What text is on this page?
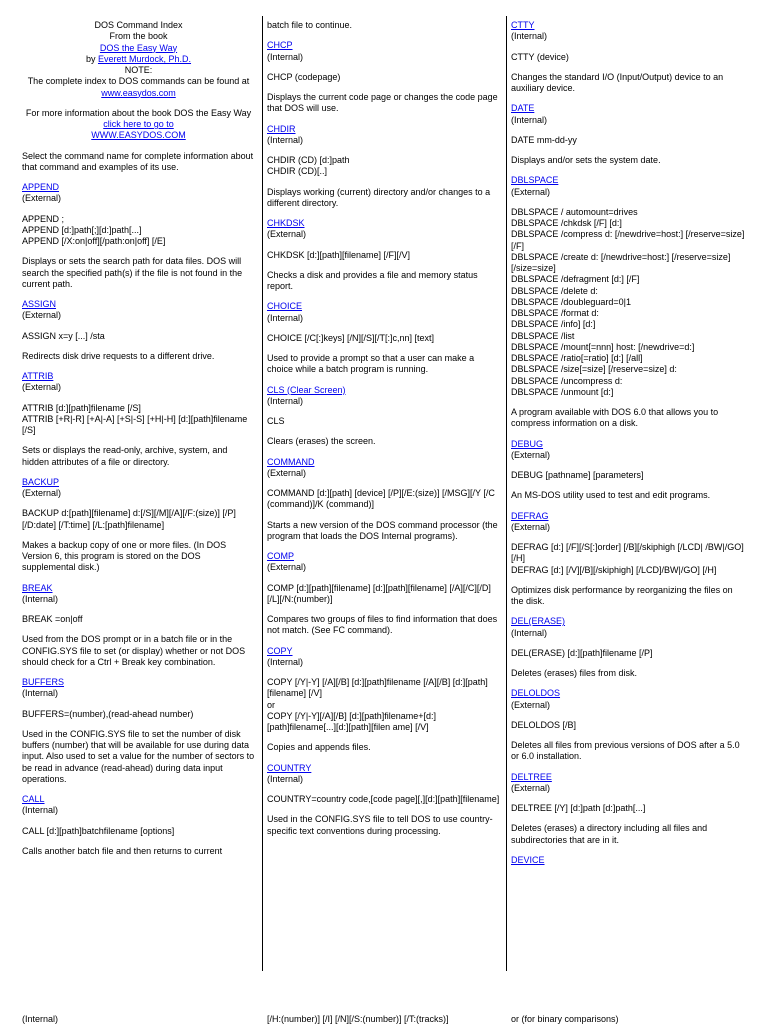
DOS Command Index
From the book
DOS the Easy Way
by Everett Murdock, Ph.D.
NOTE:
The complete index to DOS commands can be found at
www.easydos.com
For more information about the book DOS the Easy Way
click here to go to
WWW.EASYDOS.COM
Select the command name for complete information about that command and examples of its use.
APPEND
(External)
APPEND ;
APPEND [d:]path[;][d:]path[...]
APPEND [/X:on|off][/path:on|off] [/E]
Displays or sets the search path for data files. DOS will search the specified path(s) if the file is not found in the current path.
ASSIGN
(External)
ASSIGN x=y [...] /sta
Redirects disk drive requests to a different drive.
ATTRIB
(External)
ATTRIB [d:][path]filename [/S]
ATTRIB [+R|-R] [+A|-A] [+S|-S] [+H|-H] [d:][path]filename [/S]
Sets or displays the read-only, archive, system, and hidden attributes of a file or directory.
BACKUP
(External)
BACKUP d:[path][filename] d:[/S][/M][/A][/F:(size)] [/P][/D:date] [/T:time] [/L:[path]filename]
Makes a backup copy of one or more files. (In DOS Version 6, this program is stored on the DOS supplemental disk.)
BREAK
(Internal)
BREAK =on|off
Used from the DOS prompt or in a batch file or in the CONFIG.SYS file to set (or display) whether or not DOS should check for a Ctrl + Break key combination.
BUFFERS
(Internal)
BUFFERS=(number),(read-ahead number)
Used in the CONFIG.SYS file to set the number of disk buffers (number) that will be available for use during data input. Also used to set a value for the number of sectors to be read in advance (read-ahead) during data input operations.
CALL
(Internal)
CALL [d:][path]batchfilename [options]
Calls another batch file and then returns to current
batch file to continue.
CHCP
(Internal)
CHCP (codepage)
Displays the current code page or changes the code page that DOS will use.
CHDIR
(Internal)
CHDIR (CD) [d:]path
CHDIR (CD)[..]
Displays working (current) directory and/or changes to a different directory.
CHKDSK
(External)
CHKDSK [d:][path][filename] [/F][/V]
Checks a disk and provides a file and memory status report.
CHOICE
(Internal)
CHOICE [/C[:]keys] [/N][/S][/T[:]c,nn] [text]
Used to provide a prompt so that a user can make a choice while a batch program is running.
CLS (Clear Screen)
(Internal)
CLS
Clears (erases) the screen.
COMMAND
(External)
COMMAND [d:][path] [device] [/P][/E:(size)] [/MSG][/Y [/C (command)]/K (command)]
Starts a new version of the DOS command processor (the program that loads the DOS Internal programs).
COMP
(External)
COMP [d:][path][filename] [d:][path][filename] [/A][/C][/D][/L][/N:(number)]
Compares two groups of files to find information that does not match. (See FC command).
COPY
(Internal)
COPY [/Y|-Y] [/A][/B] [d:][path]filename [/A][/B] [d:][path][filename] [/V]
or
COPY [/Y|-Y][/A][/B] [d:][path]filename+[d:][path]filename[...][d:][path][filen ame] [/V]
Copies and appends files.
COUNTRY
(Internal)
COUNTRY=country code,[code page][,][d:][path][filename]
Used in the CONFIG.SYS file to tell DOS to use country-specific text conventions during processing.
CTTY
(Internal)
CTTY (device)
Changes the standard I/O (Input/Output) device to an auxiliary device.
DATE
(Internal)
DATE mm-dd-yy
Displays and/or sets the system date.
DBLSPACE
(External)
DBLSPACE / automount=drives
DBLSPACE /chkdsk [/F] [d:]
DBLSPACE /compress d: [/newdrive=host:] [/reserve=size] [/F]
DBLSPACE /create d: [/newdrive=host:] [/reserve=size] [/size=size]
DBLSPACE /defragment [d:] [/F]
DBLSPACE /delete d:
DBLSPACE /doubleguard=0|1
DBLSPACE /format d:
DBLSPACE /info] [d:]
DBLSPACE /list
DBLSPACE /mount[=nnn] host: [/newdrive=d:]
DBLSPACE /ratio[=ratio] [d:] [/all]
DBLSPACE /size[=size] [/reserve=size] d:
DBLSPACE /uncompress d:
DBLSPACE /unmount [d:]
A program available with DOS 6.0 that allows you to compress information on a disk.
DEBUG
(External)
DEBUG [pathname] [parameters]
An MS-DOS utility used to test and edit programs.
DEFRAG
(External)
DEFRAG [d:] [/F][/S[:]order] [/B][/skiphigh [/LCD| /BW|/GO] [/H]
DEFRAG [d:] [/V][/B][/skiphigh] [/LCD]/BW|/GO] [/H]
Optimizes disk performance by reorganizing the files on the disk.
DEL(ERASE)
(Internal)
DEL(ERASE) [d:][path]filename [/P]
Deletes (erases) files from disk.
DELOLDOS
(External)
DELOLDOS [/B]
Deletes all files from previous versions of DOS after a 5.0 or 6.0 installation.
DELTREE
(External)
DELTREE [/Y] [d:]path [d:]path[...]
Deletes (erases) a directory including all files and subdirectories that are in it.
DEVICE
(Internal)	[/H:(number)] [/I] [/N][/S:(number)] [/T:(tracks)]	or (for binary comparisons)
